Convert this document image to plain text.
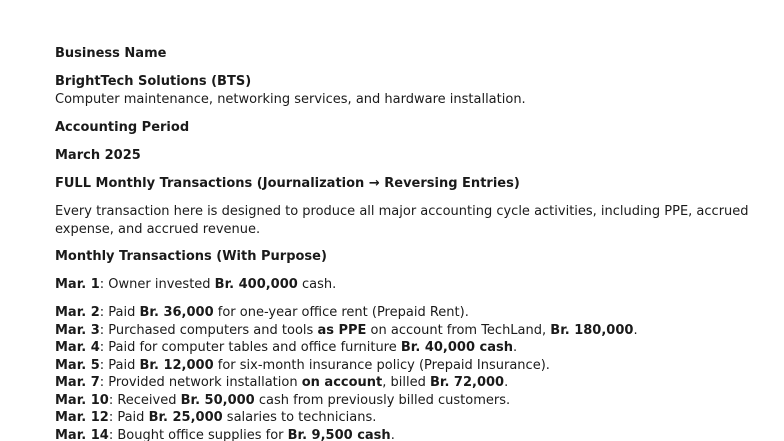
Business Name
BrightTech Solutions (BTS)
Computer maintenance, networking services, and hardware installation.
Accounting Period
March 2025
FULL Monthly Transactions (Journalization → Reversing Entries)
Every transaction here is designed to produce all major accounting cycle activities, including PPE, accrued expense, and accrued revenue.
Monthly Transactions (With Purpose)
Mar. 1: Owner invested Br. 400,000 cash.
Mar. 2: Paid Br. 36,000 for one-year office rent (Prepaid Rent).
Mar. 3: Purchased computers and tools as PPE on account from TechLand, Br. 180,000.
Mar. 4: Paid for computer tables and office furniture Br. 40,000 cash.
Mar. 5: Paid Br. 12,000 for six-month insurance policy (Prepaid Insurance).
Mar. 7: Provided network installation on account, billed Br. 72,000.
Mar. 10: Received Br. 50,000 cash from previously billed customers.
Mar. 12: Paid Br. 25,000 salaries to technicians.
Mar. 14: Bought office supplies for Br. 9,500 cash.
